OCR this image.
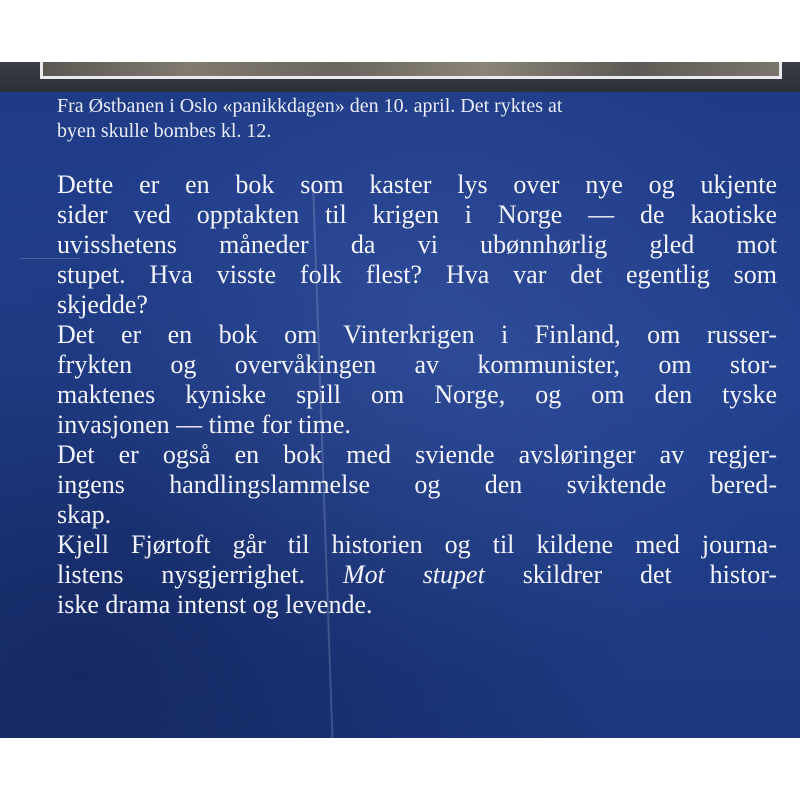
Fra Østbanen i Oslo «panikkdagen» den 10. april. Det ryktes at
byen skulle bombes kl. 12.

Dette er en bok som kaster lys over nye og ukjente
sider ved opptakten til krigen i Norge — de kaotiske
uvisshetens måneder da vi ubønnhørlig gled mot
stupet. Hva visste folk flest? Hva var det egentlig som
skjedde?

Det er en bok om Vinterkrigen i Finland, om russer-
frykten og overvåkingen av kommunister, om stor-
maktenes kyniske spill om Norge, og om den tyske
invasjonen — time for time.

Det er også en bok med sviende avsløringer av regjer-
ingens handlingslammelse og den sviktende bered-
skap.

Kjell Fjørtoft går til historien og til kildene med journa-
listens nysgjerrighet. Mot stupet skildrer det histor-
iske drama intenst og levende.
